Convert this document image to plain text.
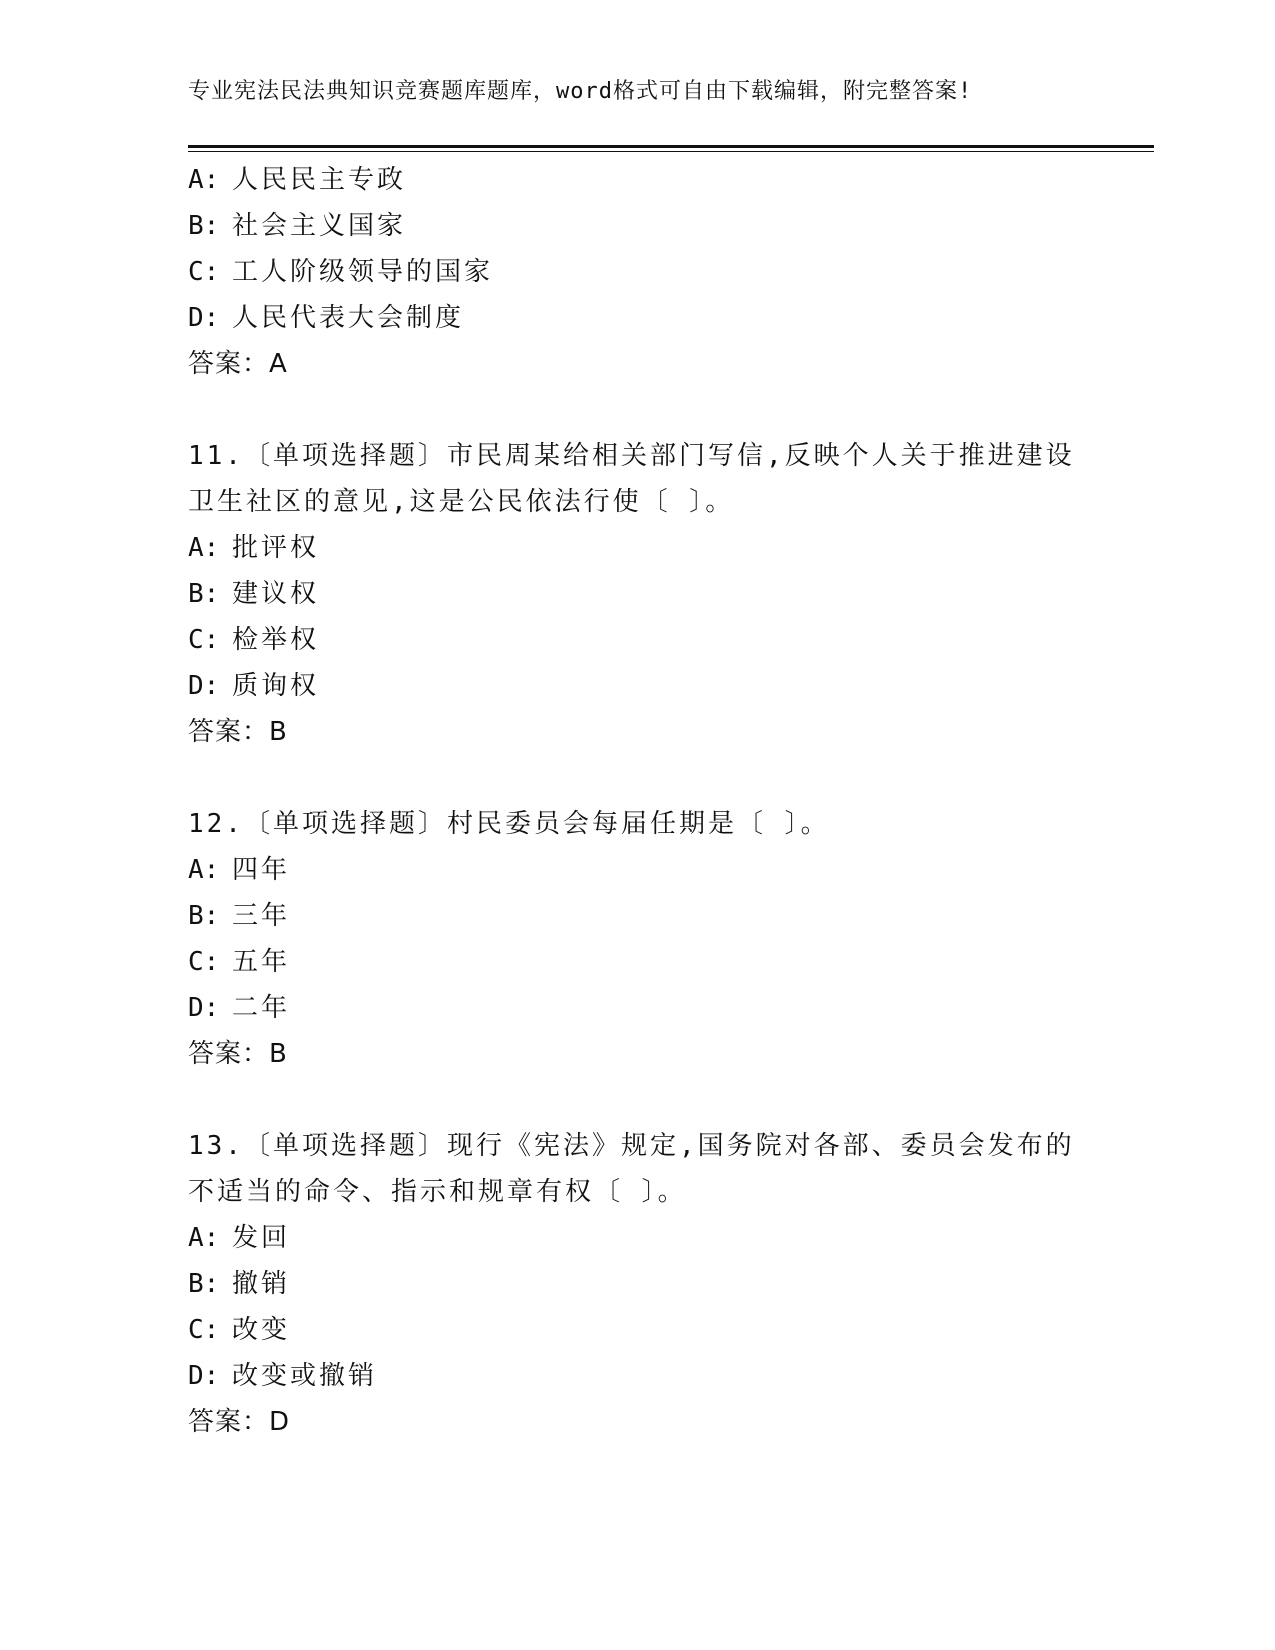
专业宪法民法典知识竞赛题库题库，word格式可自由下载编辑，附完整答案!
A: 人民民主专政
B: 社会主义国家
C: 工人阶级领导的国家
D: 人民代表大会制度
答案：A
11.〔单项选择题〕市民周某给相关部门写信,反映个人关于推进建设
卫生社区的意见,这是公民依法行使〔 〕。
A: 批评权
B: 建议权
C: 检举权
D: 质询权
答案：B
12.〔单项选择题〕村民委员会每届任期是〔 〕。
A: 四年
B: 三年
C: 五年
D: 二年
答案：B
13.〔单项选择题〕现行《宪法》规定,国务院对各部、委员会发布的
不适当的命令、指示和规章有权〔 〕。
A: 发回
B: 撤销
C: 改变
D: 改变或撤销
答案：D
